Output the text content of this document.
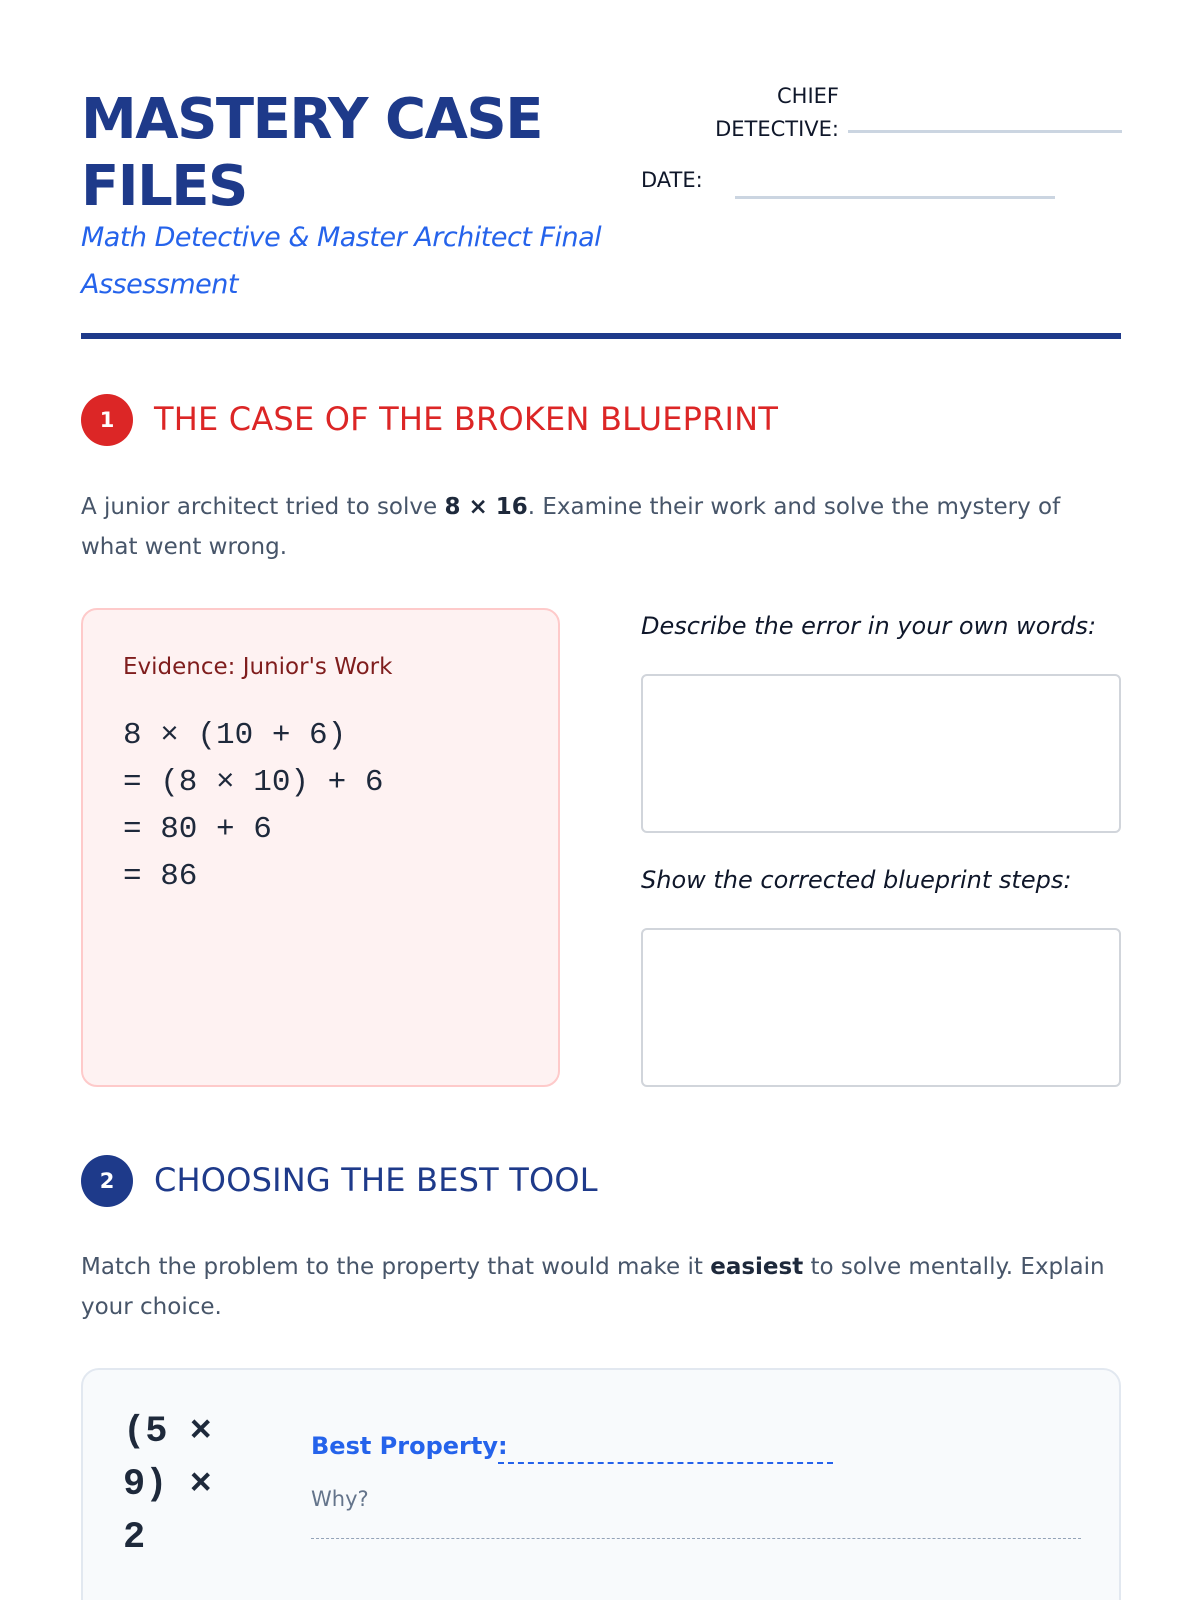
MASTERY CASE FILES
Math Detective & Master Architect Final Assessment
CHIEF DETECTIVE:
DATE:
1	THE CASE OF THE BROKEN BLUEPRINT
A junior architect tried to solve 8 × 16. Examine their work and solve the mystery of what went wrong.
Evidence: Junior's Work
8 × (10 + 6)
= (8 × 10) + 6
= 80 + 6
= 86
Describe the error in your own words:
Show the corrected blueprint steps:
2	CHOOSING THE BEST TOOL
Match the problem to the property that would make it easiest to solve mentally. Explain your choice.
(5 × 9) × 2
Best Property:
Why?
